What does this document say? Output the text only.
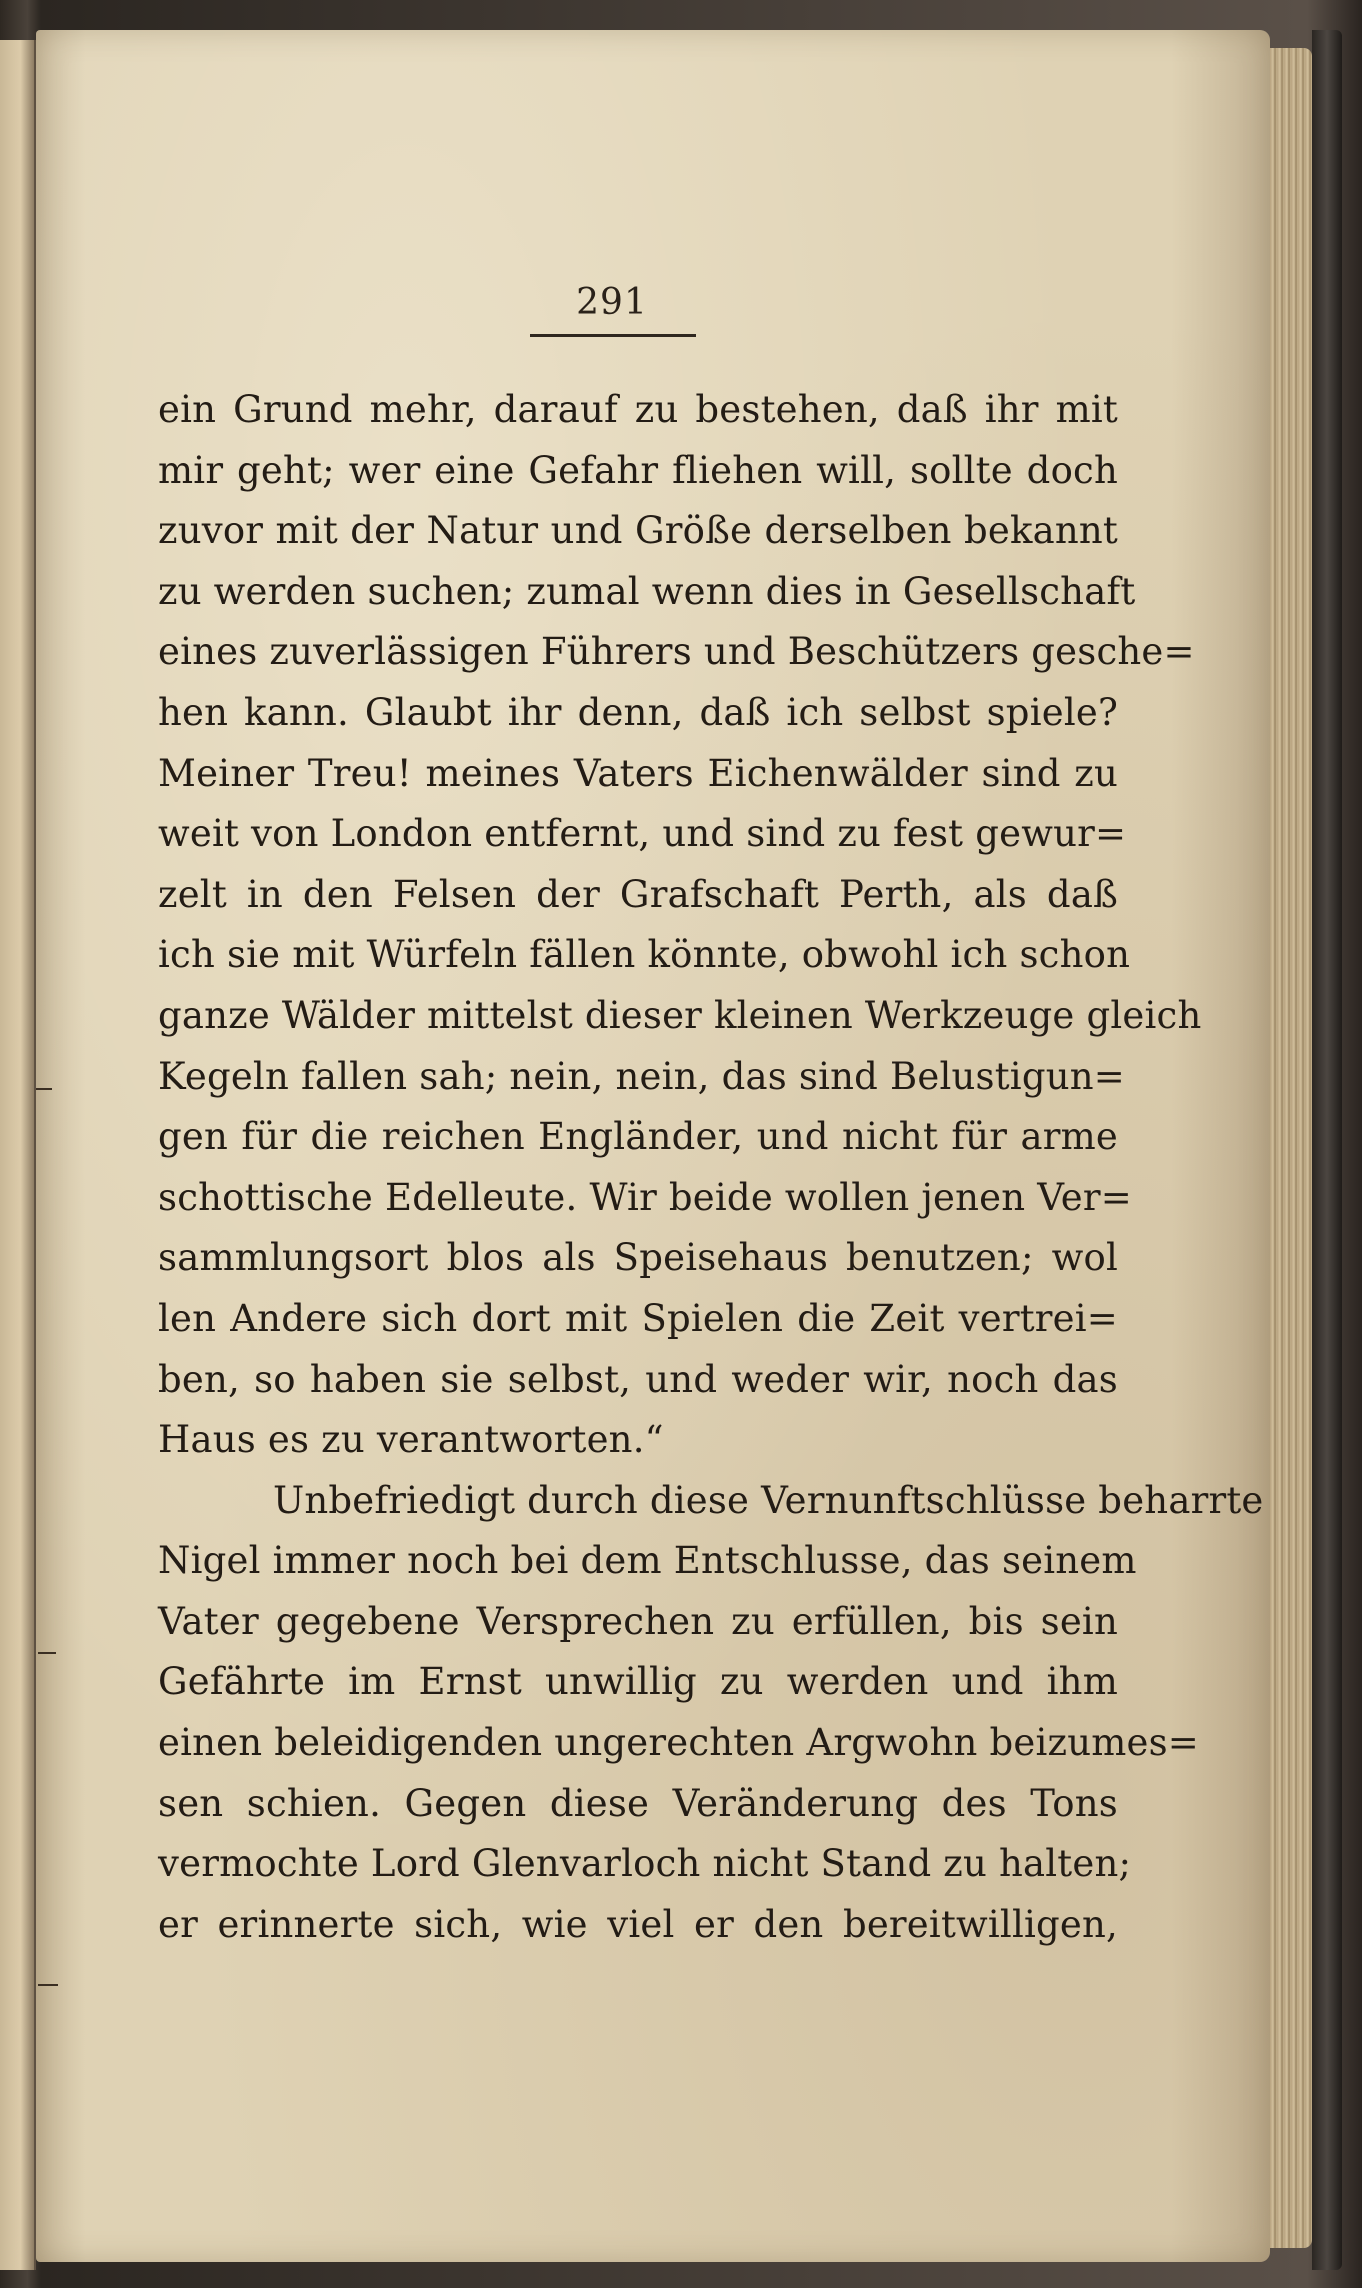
291
ein Grund mehr, darauf zu bestehen, daß ihr mit
mir geht; wer eine Gefahr fliehen will, sollte doch
zuvor mit der Natur und Größe derselben bekannt
zu werden suchen; zumal wenn dies in Gesellschaft
eines zuverlässigen Führers und Beschützers gesche=
hen kann. Glaubt ihr denn, daß ich selbst spiele?
Meiner Treu! meines Vaters Eichenwälder sind zu
weit von London entfernt, und sind zu fest gewur=
zelt in den Felsen der Grafschaft Perth, als daß
ich sie mit Würfeln fällen könnte, obwohl ich schon
ganze Wälder mittelst dieser kleinen Werkzeuge gleich
Kegeln fallen sah; nein, nein, das sind Belustigun=
gen für die reichen Engländer, und nicht für arme
schottische Edelleute. Wir beide wollen jenen Ver=
sammlungsort blos als Speisehaus benutzen; wol
len Andere sich dort mit Spielen die Zeit vertrei=
ben, so haben sie selbst, und weder wir, noch das
Haus es zu verantworten.“
Unbefriedigt durch diese Vernunftschlüsse beharrte
Nigel immer noch bei dem Entschlusse, das seinem
Vater gegebene Versprechen zu erfüllen, bis sein
Gefährte im Ernst unwillig zu werden und ihm
einen beleidigenden ungerechten Argwohn beizumes=
sen schien. Gegen diese Veränderung des Tons
vermochte Lord Glenvarloch nicht Stand zu halten;
er erinnerte sich, wie viel er den bereitwilligen,
